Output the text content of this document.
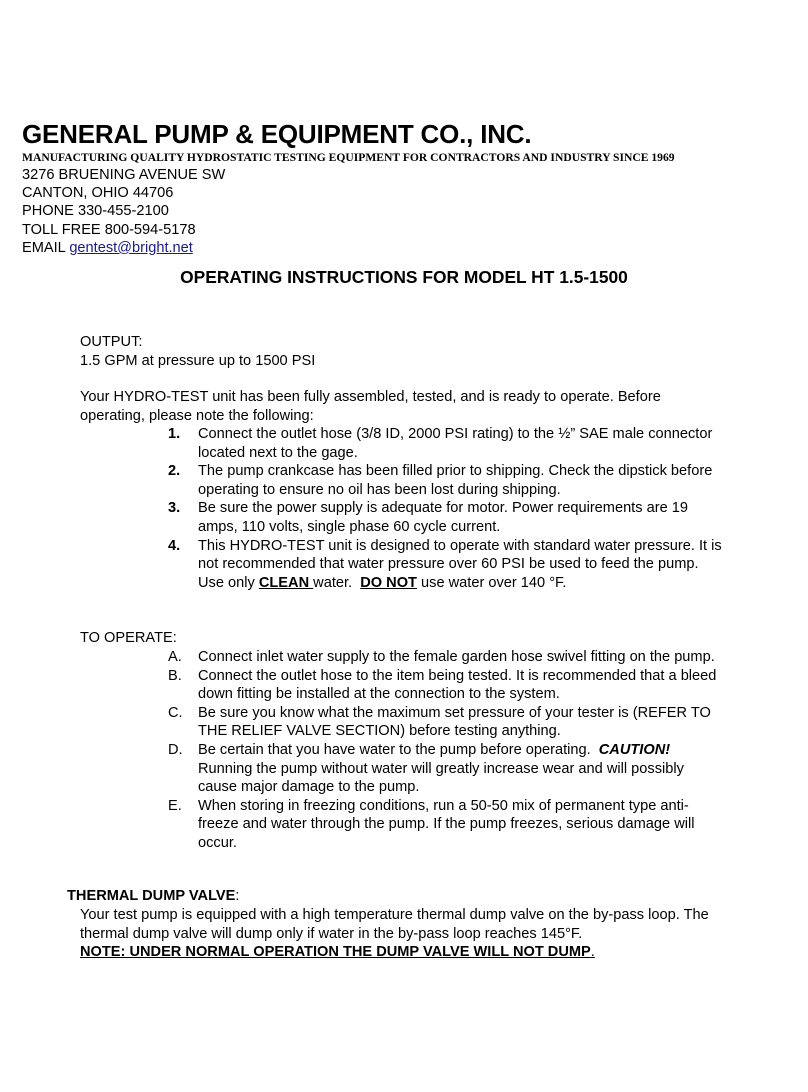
GENERAL PUMP & EQUIPMENT CO., INC.
MANUFACTURING QUALITY HYDROSTATIC TESTING EQUIPMENT FOR CONTRACTORS AND INDUSTRY SINCE 1969
3276 BRUENING AVENUE SW
CANTON, OHIO 44706
PHONE 330-455-2100
TOLL FREE 800-594-5178
EMAIL gentest@bright.net
OPERATING INSTRUCTIONS FOR MODEL HT 1.5-1500
OUTPUT:
1.5 GPM at pressure up to 1500 PSI
Your HYDRO-TEST unit has been fully assembled, tested, and is ready to operate. Before
operating, please note the following:
1. Connect the outlet hose (3/8 ID, 2000 PSI rating) to the ½” SAE male connector
located next to the gage.
2. The pump crankcase has been filled prior to shipping. Check the dipstick before
operating to ensure no oil has been lost during shipping.
3. Be sure the power supply is adequate for motor. Power requirements are 19
amps, 110 volts, single phase 60 cycle current.
4. This HYDRO-TEST unit is designed to operate with standard water pressure. It is
not recommended that water pressure over 60 PSI be used to feed the pump.
Use only CLEAN water.  DO NOT use water over 140 °F.
TO OPERATE:
A. Connect inlet water supply to the female garden hose swivel fitting on the pump.
B. Connect the outlet hose to the item being tested. It is recommended that a bleed
down fitting be installed at the connection to the system.
C. Be sure you know what the maximum set pressure of your tester is (REFER TO
THE RELIEF VALVE SECTION) before testing anything.
D. Be certain that you have water to the pump before operating.  CAUTION!
Running the pump without water will greatly increase wear and will possibly
cause major damage to the pump.
E. When storing in freezing conditions, run a 50-50 mix of permanent type anti-
freeze and water through the pump. If the pump freezes, serious damage will
occur.
THERMAL DUMP VALVE:
Your test pump is equipped with a high temperature thermal dump valve on the by-pass loop. The
thermal dump valve will dump only if water in the by-pass loop reaches 145°F.
NOTE: UNDER NORMAL OPERATION THE DUMP VALVE WILL NOT DUMP.
